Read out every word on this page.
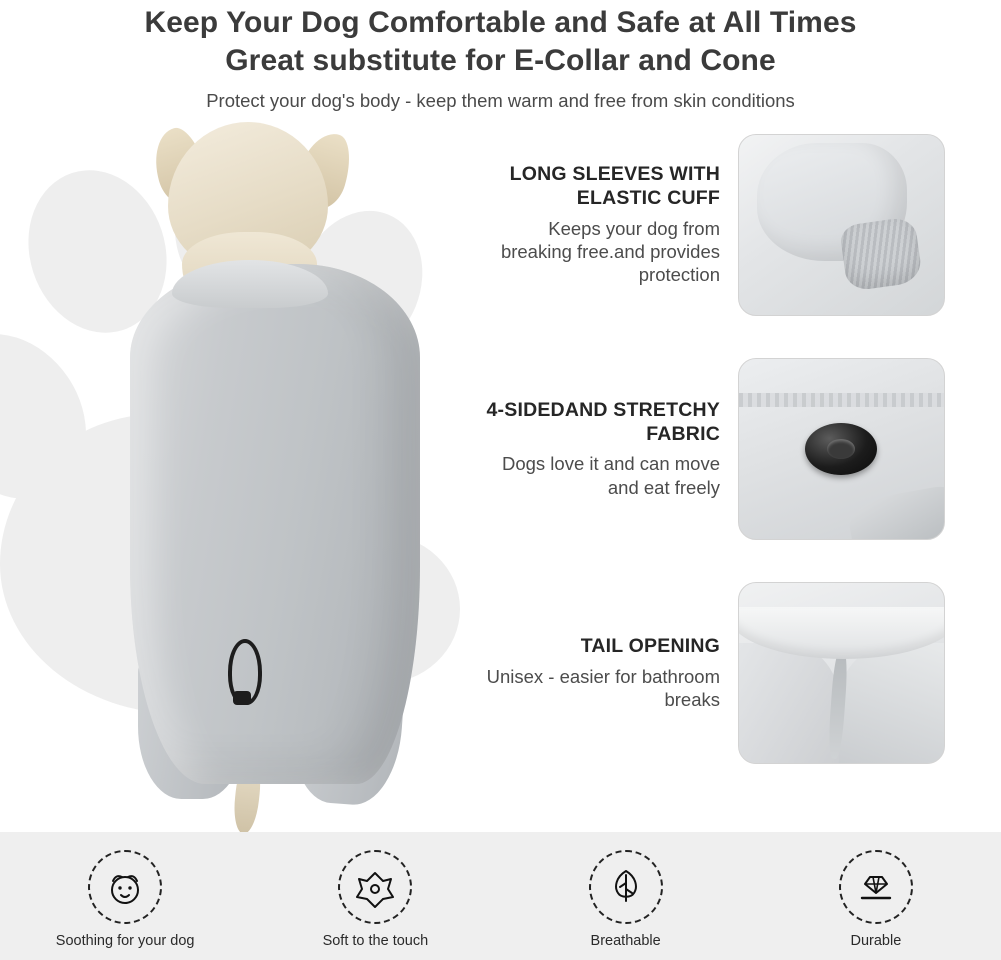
Keep Your Dog Comfortable and Safe at All Times
Great substitute for E-Collar and Cone
Protect your dog's body - keep them warm and free from skin conditions
LONG SLEEVES WITH ELASTIC CUFF
Keeps your dog from breaking free.and provides protection
4-SIDEDAND STRETCHY FABRIC
Dogs love it and can move and eat freely
TAIL OPENING
Unisex - easier for bathroom breaks
Soothing for your dog	Soft to the touch	Breathable	Durable
